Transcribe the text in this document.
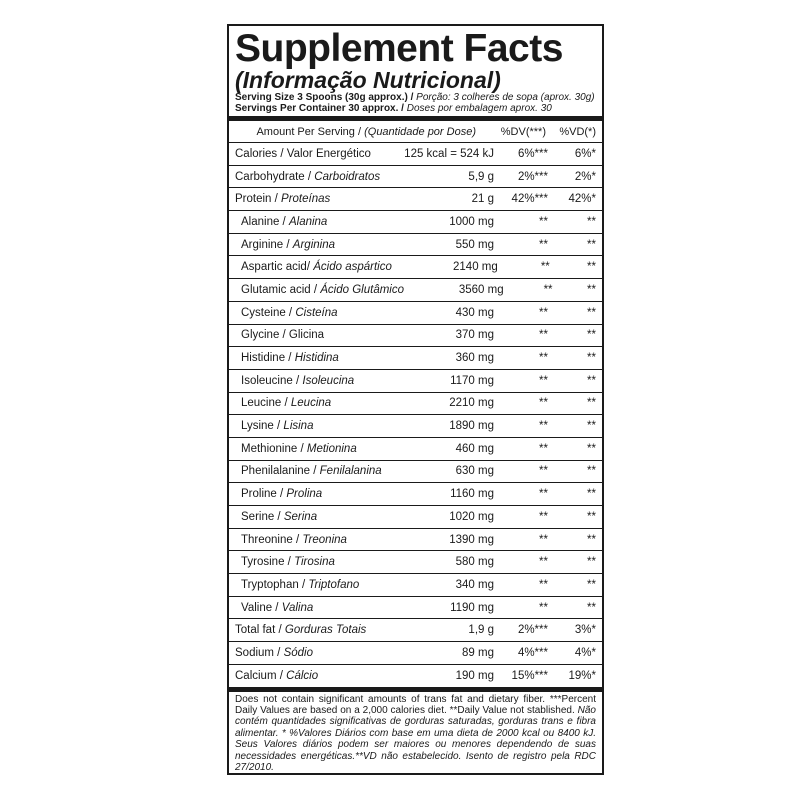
Supplement Facts
(Informação Nutricional)
Serving Size 3 Spoons (30g approx.) / Porção: 3 colheres de sopa (aprox. 30g)
Servings Per Container 30 approx. / Doses por embalagem aprox. 30
Amount Per Serving / (Quantidade por Dose)	%DV(***)	%VD(*)
Calories / Valor Energético	125 kcal = 524 kJ	6%***	6%*
Carbohydrate / Carboidratos	5,9 g	2%***	2%*
Protein / Proteínas	21 g	42%***	42%*
Alanine / Alanina	1000 mg	**	**
Arginine / Arginina	550 mg	**	**
Aspartic acid/ Ácido aspártico	2140 mg	**	**
Glutamic acid / Ácido Glutâmico	3560 mg	**	**
Cysteine / Cisteína	430 mg	**	**
Glycine / Glicina	370 mg	**	**
Histidine / Histidina	360 mg	**	**
Isoleucine / Isoleucina	1170 mg	**	**
Leucine / Leucina	2210 mg	**	**
Lysine / Lisina	1890 mg	**	**
Methionine / Metionina	460 mg	**	**
Phenilalanine / Fenilalanina	630 mg	**	**
Proline / Prolina	1160 mg	**	**
Serine / Serina	1020 mg	**	**
Threonine / Treonina	1390 mg	**	**
Tyrosine / Tirosina	580 mg	**	**
Tryptophan / Triptofano	340 mg	**	**
Valine / Valina	1190 mg	**	**
Total fat / Gorduras Totais	1,9 g	2%***	3%*
Sodium / Sódio	89 mg	4%***	4%*
Calcium / Cálcio	190 mg	15%***	19%*
Does not contain significant amounts of trans fat and dietary fiber. ***Percent Daily Values are based on a 2,000 calories diet. **Daily Value not stablished. Não contém quantidades significativas de gorduras saturadas, gorduras trans e fibra alimentar. * %Valores Diários com base em uma dieta de 2000 kcal ou 8400 kJ. Seus Valores diários podem ser maiores ou menores dependendo de suas necessidades energéticas.**VD não estabelecido. Isento de registro pela RDC 27/2010.
